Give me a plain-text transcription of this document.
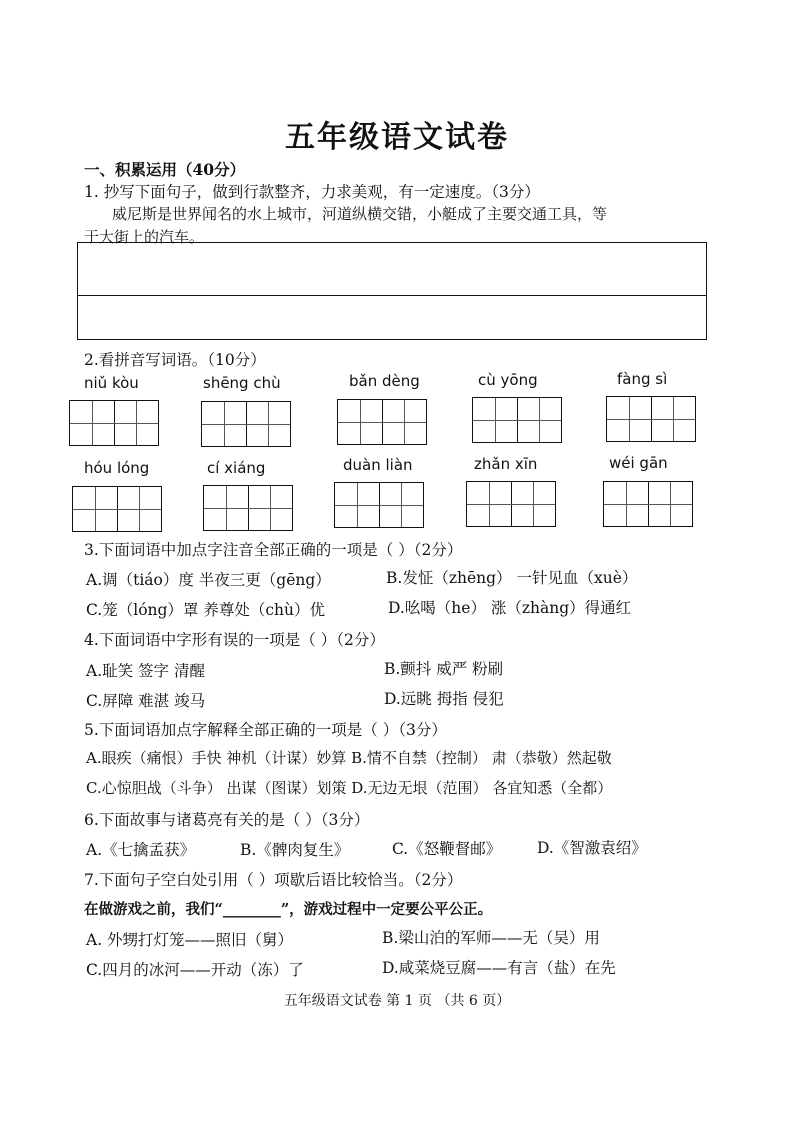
五年级语文试卷
一、积累运用（40分）
1. 抄写下面句子，做到行款整齐，力求美观，有一定速度。（3分）
威尼斯是世界闻名的水上城市，河道纵横交错，小艇成了主要交通工具，等
于大街上的汽车。
2.看拼音写词语。（10分）
niǔ kòu	shēng chù	bǎn dèng	cù yōng	fàng sì
hóu lóng	cí xiáng	duàn liàn	zhǎn xīn	wéi gān
3.下面词语中加点字注音全部正确的一项是（ ）（2分）
A.调（tiáo）度 半夜三更（gēng）	B.发怔（zhēng） 一针见血（xuè）
C.笼（lóng）罩 养尊处（chù）优	D.吆喝（he） 涨（zhàng）得通红
4.下面词语中字形有误的一项是（ ）（2分）
A.耻笑 签字 清醒	B.颤抖 威严 粉刷
C.屏障 难湛 竣马	D.远眺 拇指 侵犯
5.下面词语加点字解释全部正确的一项是（ ）（3分）
A.眼疾（痛恨）手快 神机（计谋）妙算 B.情不自禁（控制） 肃（恭敬）然起敬
C.心惊胆战（斗争） 出谋（图谋）划策 D.无边无垠（范围） 各宜知悉（全都）
6.下面故事与诸葛亮有关的是（ ）（3分）
A.《七擒孟获》	B.《髀肉复生》	C.《怒鞭督邮》 D.《智激袁绍》
7.下面句子空白处引用（ ）项歇后语比较恰当。（2分）
在做游戏之前，我们“________”，游戏过程中一定要公平公正。
A. 外甥打灯笼——照旧（舅）	B.梁山泊的军师——无（吴）用
C.四月的冰河——开动（冻）了	D.咸菜烧豆腐——有言（盐）在先
五年级语文试卷 第 1 页 （共 6 页）
